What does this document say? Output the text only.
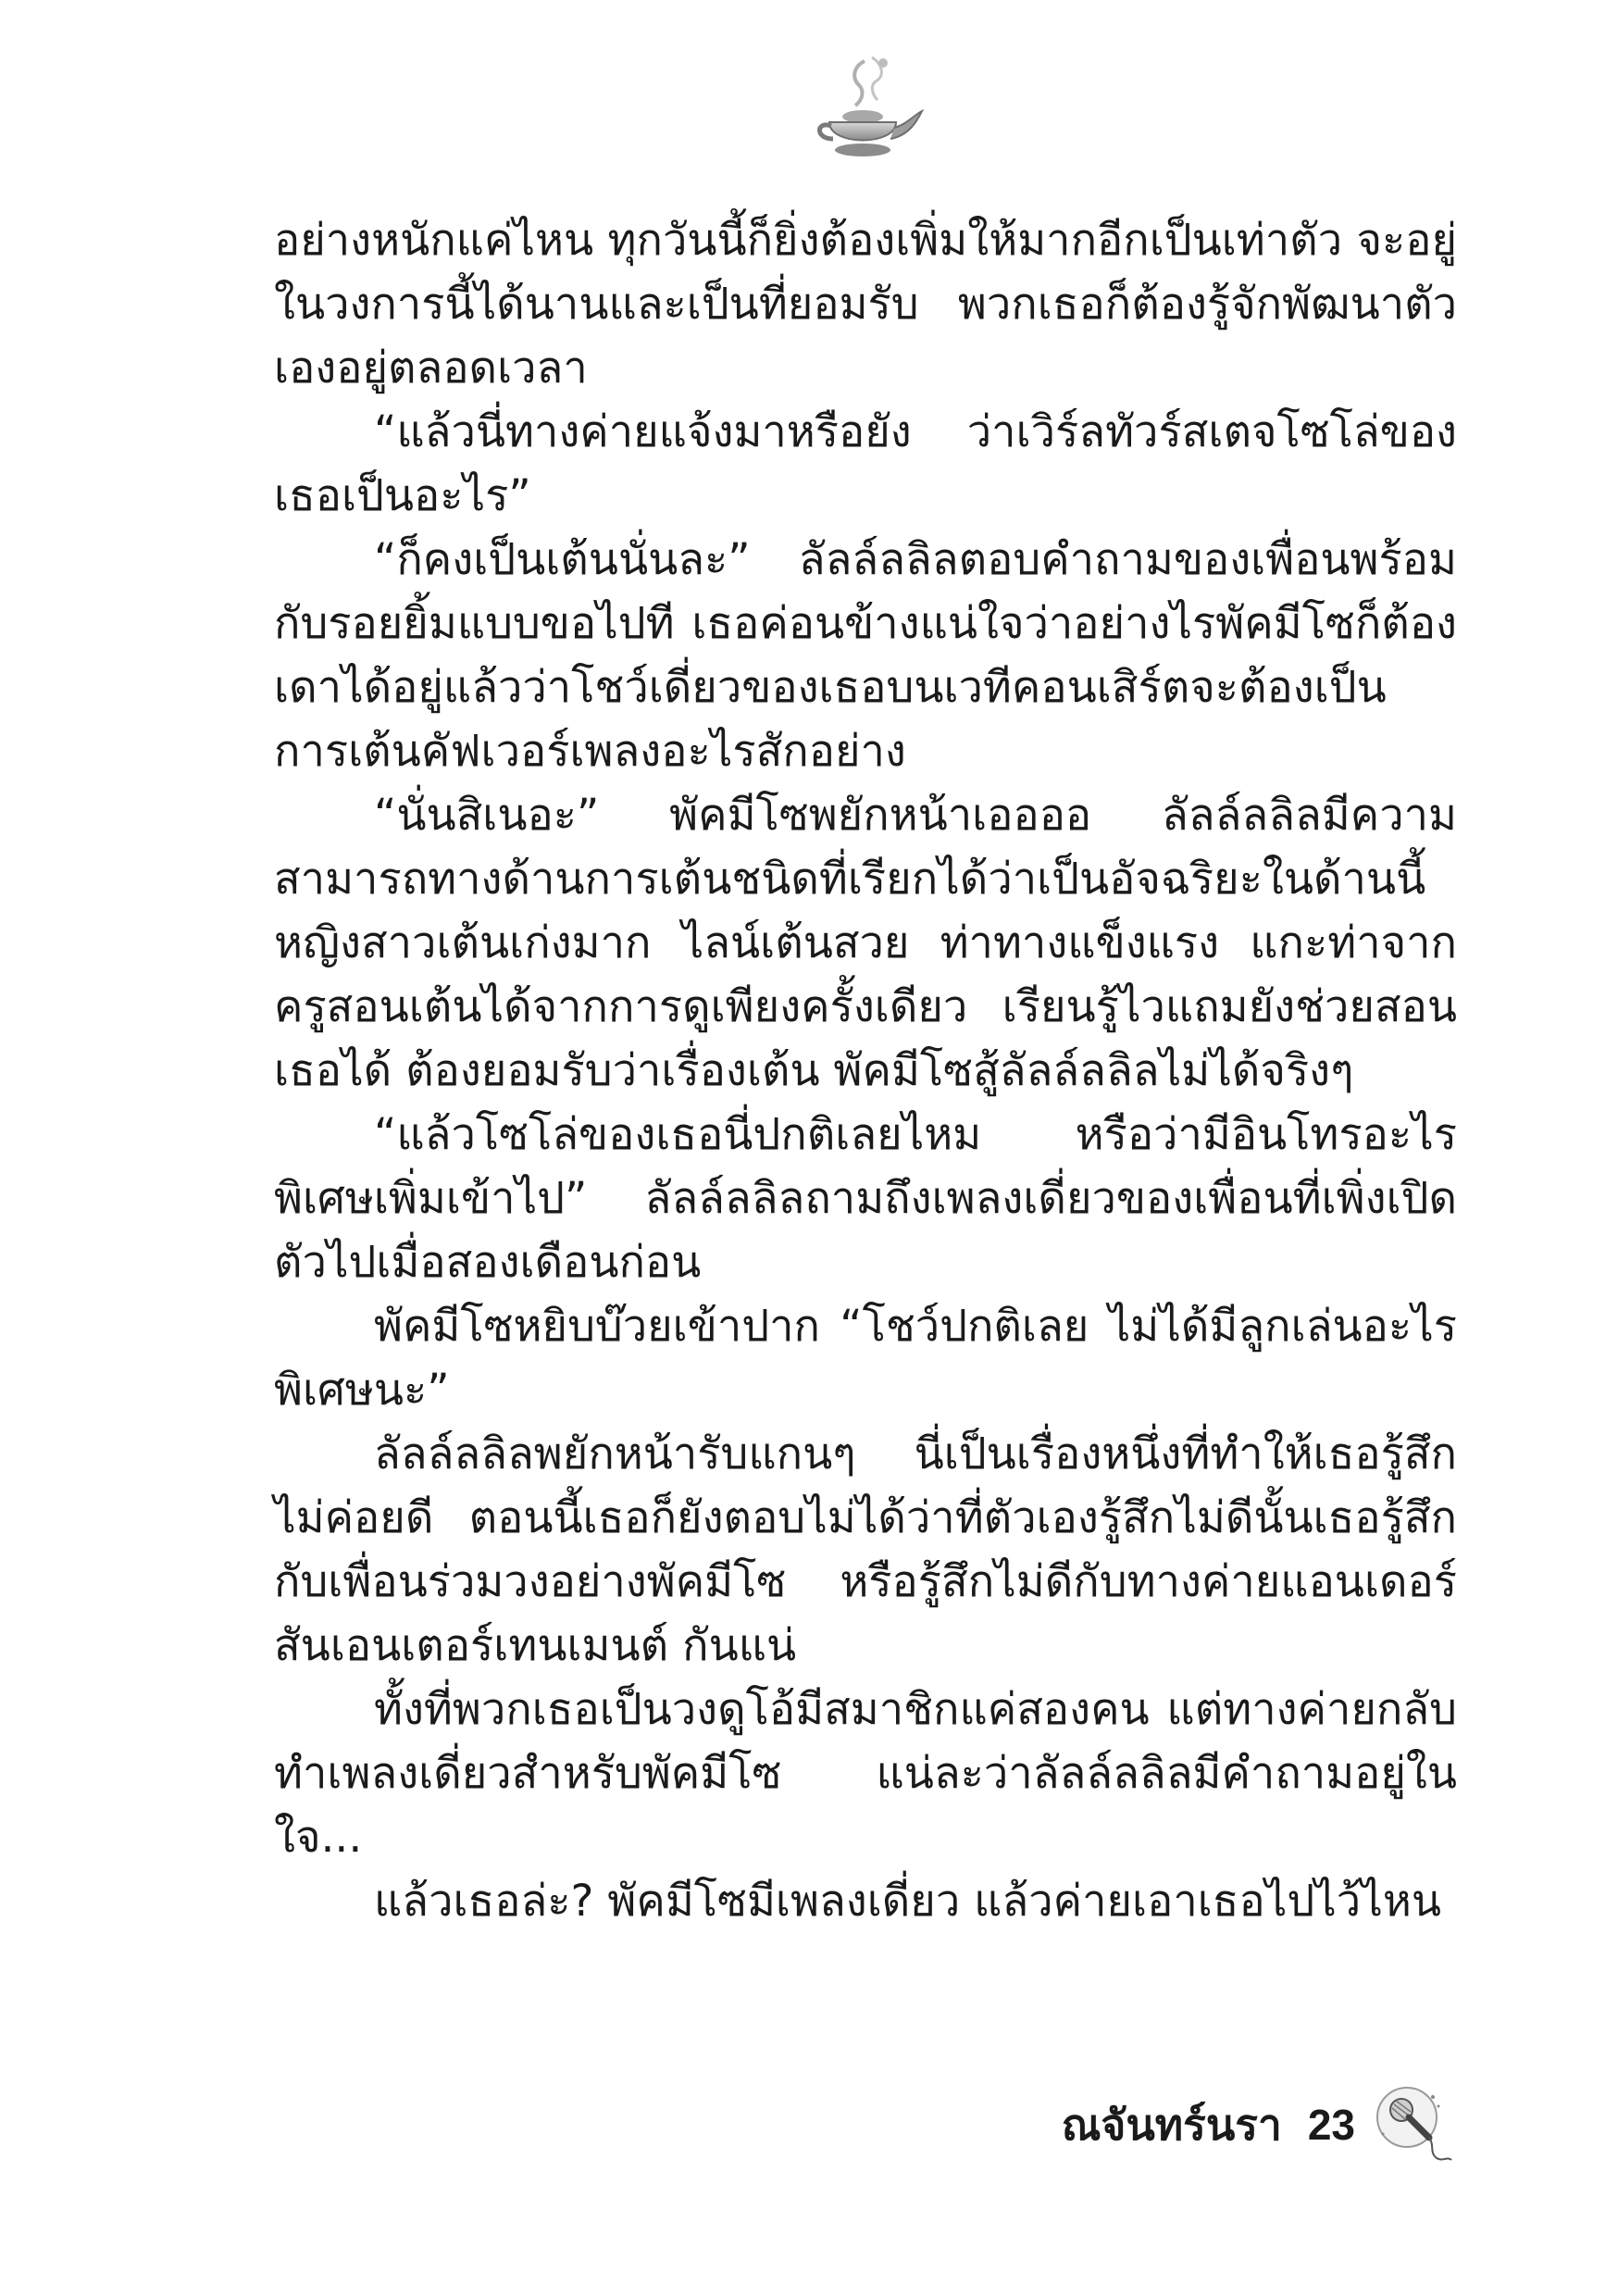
อย่างหนักแค่ไหน ทุกวันนี้ก็ยิ่งต้องเพิ่มให้มากอีกเป็นเท่าตัว จะอยู่ในวงการนี้ได้นานและเป็นที่ยอมรับ พวกเธอก็ต้องรู้จักพัฒนาตัวเองอยู่ตลอดเวลา

“แล้วนี่ทางค่ายแจ้งมาหรือยัง ว่าเวิร์ลทัวร์สเตจโซโล่ของเธอเป็นอะไร”

“ก็คงเป็นเต้นนั่นละ” ลัลล์ลลิลตอบคำถามของเพื่อนพร้อมกับรอยยิ้มแบบขอไปที เธอค่อนข้างแน่ใจว่าอย่างไรพัคมีโซก็ต้องเดาได้อยู่แล้วว่าโชว์เดี่ยวของเธอบนเวทีคอนเสิร์ตจะต้องเป็นการเต้นคัฟเวอร์เพลงอะไรสักอย่าง

“นั่นสิเนอะ” พัคมีโซพยักหน้าเออออ ลัลล์ลลิลมีความสามารถทางด้านการเต้นชนิดที่เรียกได้ว่าเป็นอัจฉริยะในด้านนี้ หญิงสาวเต้นเก่งมาก ไลน์เต้นสวย ท่าทางแข็งแรง แกะท่าจากครูสอนเต้นได้จากการดูเพียงครั้งเดียว เรียนรู้ไวแถมยังช่วยสอนเธอได้ ต้องยอมรับว่าเรื่องเต้น พัคมีโซสู้ลัลล์ลลิลไม่ได้จริงๆ

“แล้วโซโล่ของเธอนี่ปกติเลยไหม หรือว่ามีอินโทรอะไรพิเศษเพิ่มเข้าไป” ลัลล์ลลิลถามถึงเพลงเดี่ยวของเพื่อนที่เพิ่งเปิดตัวไปเมื่อสองเดือนก่อน

พัคมีโซหยิบบ๊วยเข้าปาก “โชว์ปกติเลย ไม่ได้มีลูกเล่นอะไรพิเศษนะ”

ลัลล์ลลิลพยักหน้ารับแกนๆ นี่เป็นเรื่องหนึ่งที่ทำให้เธอรู้สึกไม่ค่อยดี ตอนนี้เธอก็ยังตอบไม่ได้ว่าที่ตัวเองรู้สึกไม่ดีนั้นเธอรู้สึกกับเพื่อนร่วมวงอย่างพัคมีโซ หรือรู้สึกไม่ดีกับทางค่ายแอนเดอร์สันเอนเตอร์เทนเมนต์ กันแน่

ทั้งที่พวกเธอเป็นวงดูโอ้มีสมาชิกแค่สองคน แต่ทางค่ายกลับทำเพลงเดี่ยวสำหรับพัคมีโซ แน่ละว่าลัลล์ลลิลมีคำถามอยู่ในใจ...

แล้วเธอล่ะ? พัคมีโซมีเพลงเดี่ยว แล้วค่ายเอาเธอไปไว้ไหน

ณจันทร์นรา 23
